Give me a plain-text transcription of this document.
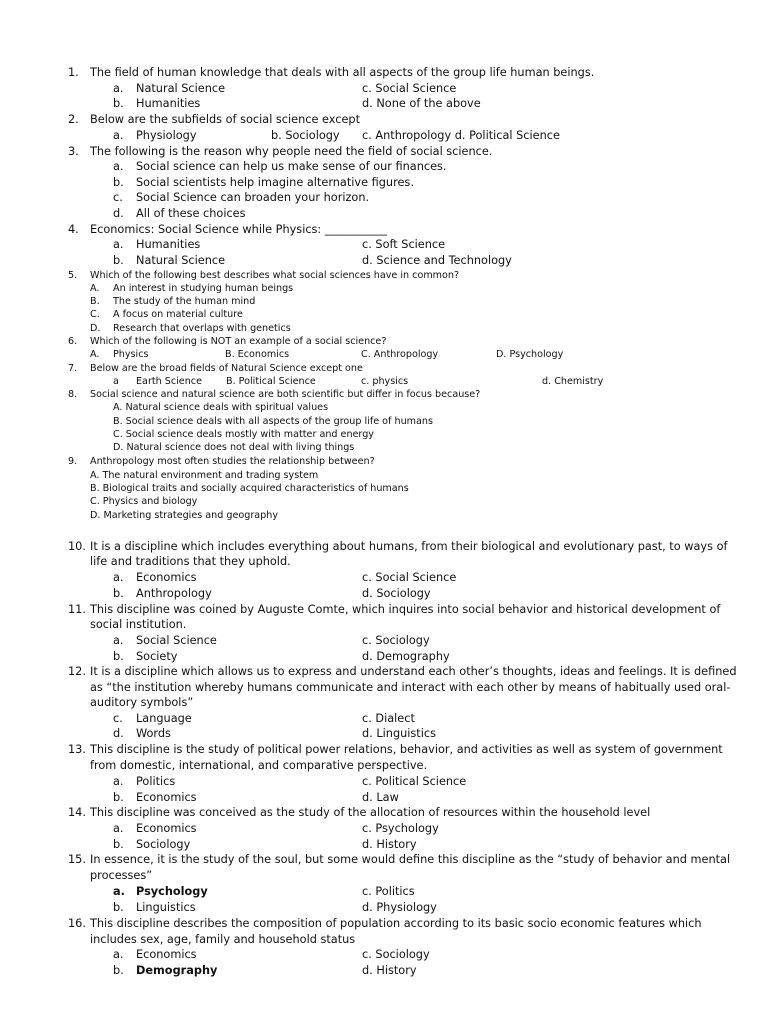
1. The field of human knowledge that deals with all aspects of the group life human beings.
a. Natural Science	c. Social Science
b. Humanities	d. None of the above
2. Below are the subfields of social science except
a. Physiology	b. Sociology c. Anthropology d. Political Science
3. The following is the reason why people need the field of social science.
a. Social science can help us make sense of our finances.
b. Social scientists help imagine alternative figures.
c. Social Science can broaden your horizon.
d. All of these choices
4. Economics: Social Science while Physics: ___________
a. Humanities	c. Soft Science
b. Natural Science	d. Science and Technology
5. Which of the following best describes what social sciences have in common?
A. An interest in studying human beings
B. The study of the human mind
C. A focus on material culture
D. Research that overlaps with genetics
6. Which of the following is NOT an example of a social science?
A. Physics	B. Economics	C. Anthropology	D. Psychology
7. Below are the broad fields of Natural Science except one
a Earth Science	B. Political Science	c. physics	d. Chemistry
8. Social science and natural science are both scientific but differ in focus because?
A. Natural science deals with spiritual values
B. Social science deals with all aspects of the group life of humans
C. Social science deals mostly with matter and energy
D. Natural science does not deal with living things
9. Anthropology most often studies the relationship between?
A. The natural environment and trading system
B. Biological traits and socially acquired characteristics of humans
C. Physics and biology
D. Marketing strategies and geography
10. It is a discipline which includes everything about humans, from their biological and evolutionary past, to ways of
life and traditions that they uphold.
a. Economics	c. Social Science
b. Anthropology	d. Sociology
11. This discipline was coined by Auguste Comte, which inquires into social behavior and historical development of
social institution.
a. Social Science	c. Sociology
b. Society	d. Demography
12. It is a discipline which allows us to express and understand each other’s thoughts, ideas and feelings. It is defined
as “the institution whereby humans communicate and interact with each other by means of habitually used oral-
auditory symbols”
c. Language	c. Dialect
d. Words	d. Linguistics
13. This discipline is the study of political power relations, behavior, and activities as well as system of government
from domestic, international, and comparative perspective.
a. Politics	c. Political Science
b. Economics	d. Law
14. This discipline was conceived as the study of the allocation of resources within the household level
a. Economics	c. Psychology
b. Sociology	d. History
15. In essence, it is the study of the soul, but some would define this discipline as the “study of behavior and mental
processes”
a. Psychology	c. Politics
b. Linguistics	d. Physiology
16. This discipline describes the composition of population according to its basic socio economic features which
includes sex, age, family and household status
a. Economics	c. Sociology
b. Demography	d. History
